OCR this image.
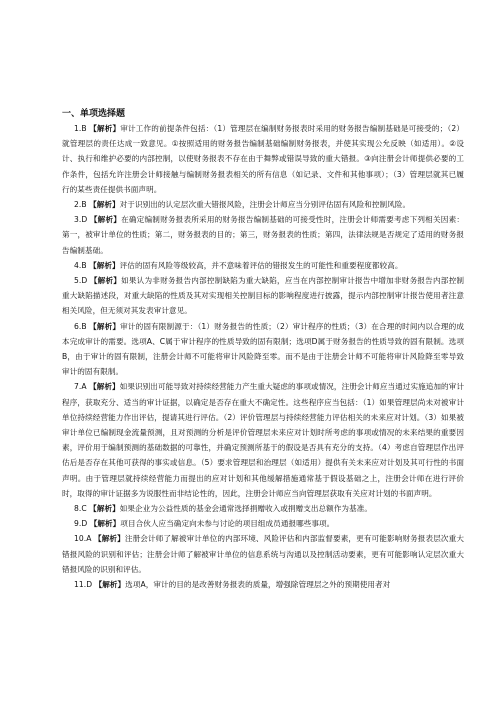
一、单项选择题
1.B 【解析】审计工作的前提条件包括：（1）管理层在编制财务报表时采用的财务报告编制基础是可接受的；（2）就管理层的责任达成一致意见。①按照适用的财务报告编制基础编制财务报表，并使其实现公允反映（如适用）。②设计、执行和维护必要的内部控制，以使财务报表不存在由于舞弊或错误导致的重大错报。③向注册会计师提供必要的工作条件，包括允许注册会计师接触与编制财务报表相关的所有信息（如记录、文件和其他事项）；（3）管理层就其已履行的某些责任提供书面声明。
2.B 【解析】对于识别出的认定层次重大错报风险，注册会计师应当分别评估固有风险和控制风险。
3.D 【解析】在确定编制财务报表所采用的财务报告编制基础的可接受性时，注册会计师需要考虑下列相关因素：第一，被审计单位的性质；第二，财务报表的目的；第三，财务报表的性质；第四，法律法规是否规定了适用的财务报告编制基础。
4.B 【解析】评估的固有风险等级较高，并不意味着评估的错报发生的可能性和重要程度都较高。
5.D 【解析】如果认为非财务报告内部控制缺陷为重大缺陷，应当在内部控制审计报告中增加非财务报告内部控制重大缺陷描述段，对重大缺陷的性质及其对实现相关控制目标的影响程度进行披露，提示内部控制审计报告使用者注意相关风险，但无须对其发表审计意见。
6.B 【解析】审计的固有限制源于：（1）财务报告的性质；（2）审计程序的性质；（3）在合理的时间内以合理的成本完成审计的需要。选项A、C属于审计程序的性质导致的固有限制；选项D属于财务报告的性质导致的固有限制。选项B，由于审计的固有限制，注册会计师不可能将审计风险降至零。而不是由于注册会计师不可能将审计风险降至零导致审计的固有限制。
7.A 【解析】如果识别出可能导致对持续经营能力产生重大疑虑的事项或情况，注册会计师应当通过实施追加的审计程序，获取充分、适当的审计证据，以确定是否存在重大不确定性。这些程序应当包括：（1）如果管理层尚未对被审计单位持续经营能力作出评估，提请其进行评估。（2）评价管理层与持续经营能力评估相关的未来应对计划。（3）如果被审计单位已编制现金流量预测，且对预测的分析是评价管理层未来应对计划时所考虑的事项或情况的未来结果的重要因素，评价用于编制预测的基础数据的可靠性，并确定预测所基于的假设是否具有充分的支持。（4）考虑自管理层作出评估后是否存在其他可获得的事实或信息。（5）要求管理层和治理层（如适用）提供有关未来应对计划及其可行性的书面声明。由于管理层就持续经营能力而提出的应对计划和其他缓解措施通常基于假设基础之上，注册会计师在进行评价时，取得的审计证据多为说服性而非结论性的，因此，注册会计师应当向管理层获取有关应对计划的书面声明。
8.C 【解析】如果企业为公益性质的基金会通常选择捐赠收入或捐赠支出总额作为基准。
9.D 【解析】项目合伙人应当确定向未参与讨论的项目组成员通报哪些事项。
10.A 【解析】注册会计师了解被审计单位的内部环境、风险评估和内部监督要素，更有可能影响财务报表层次重大错报风险的识别和评估；注册会计师了解被审计单位的信息系统与沟通以及控制活动要素，更有可能影响认定层次重大错报风险的识别和评估。
11.D 【解析】选项A，审计的目的是改善财务报表的质量，增强除管理层之外的预期使用者对
